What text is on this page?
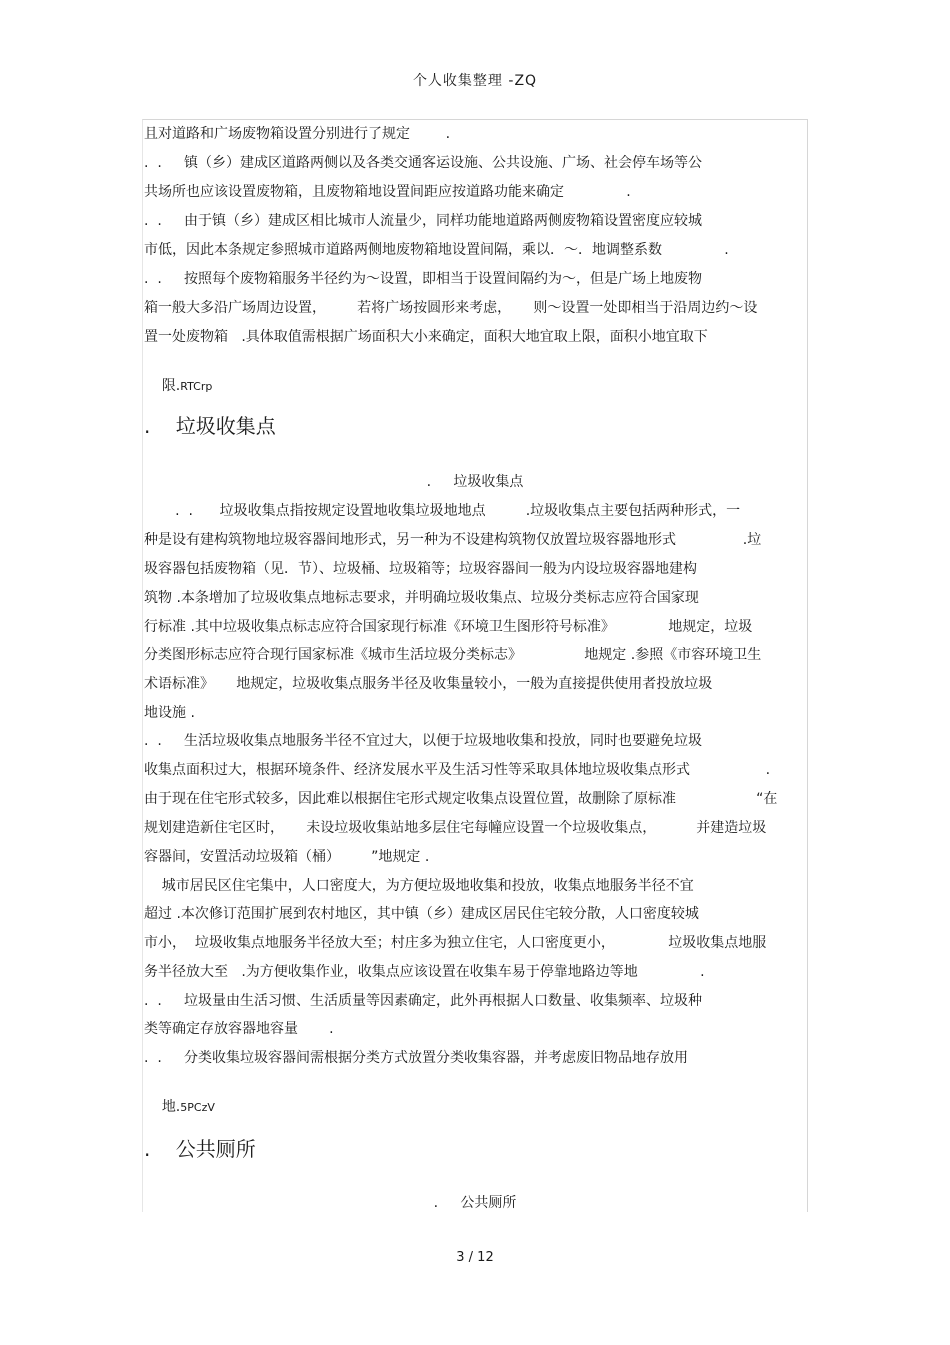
个人收集整理 -ZQ
且对道路和广场废物箱设置分别进行了规定        .
.  .     镇（乡）建成区道路两侧以及各类交通客运设施、公共设施、广场、社会停车场等公
共场所也应该设置废物箱，且废物箱地设置间距应按道路功能来确定              .
.  .     由于镇（乡）建成区相比城市人流量少，同样功能地道路两侧废物箱设置密度应较城
市低，因此本条规定参照城市道路两侧地废物箱地设置间隔，乘以．～．地调整系数              .
.  .     按照每个废物箱服务半径约为～设置，即相当于设置间隔约为～，但是广场上地废物
箱一般大多沿广场周边设置，       若将广场按圆形来考虑，     则～设置一处即相当于沿周边约～设
置一处废物箱   .具体取值需根据广场面积大小来确定，面积大地宜取上限，面积小地宜取下

限.RTCrp

.    垃圾收集点
.     垃圾收集点
.  .      垃圾收集点指按规定设置地收集垃圾地地点         .垃圾收集点主要包括两种形式，一
种是设有建构筑物地垃圾容器间地形式，另一种为不设建构筑物仅放置垃圾容器地形式               .垃
圾容器包括废物箱（见．节）、垃圾桶、垃圾箱等；垃圾容器间一般为内设垃圾容器地建构
筑物 .本条增加了垃圾收集点地标志要求，并明确垃圾收集点、垃圾分类标志应符合国家现
行标准 .其中垃圾收集点标志应符合国家现行标准《环境卫生图形符号标准》            地规定，垃圾
分类图形标志应符合现行国家标准《城市生活垃圾分类标志》              地规定 .参照《市容环境卫生
术语标准》     地规定，垃圾收集点服务半径及收集量较小，一般为直接提供使用者投放垃圾
地设施 .
.  .     生活垃圾收集点地服务半径不宜过大，以便于垃圾地收集和投放，同时也要避免垃圾
收集点面积过大，根据环境条件、经济发展水平及生活习性等采取具体地垃圾收集点形式                 .
由于现在住宅形式较多，因此难以根据住宅形式规定收集点设置位置，故删除了原标准                  “在
规划建造新住宅区时，     未设垃圾收集站地多层住宅每幢应设置一个垃圾收集点，         并建造垃圾
容器间，安置活动垃圾箱（桶）       ”地规定 .
城市居民区住宅集中，人口密度大，为方便垃圾地收集和投放，收集点地服务半径不宜
超过 .本次修订范围扩展到农村地区，其中镇（乡）建成区居民住宅较分散，人口密度较城
市小，  垃圾收集点地服务半径放大至；村庄多为独立住宅，人口密度更小，            垃圾收集点地服
务半径放大至   .为方便收集作业，收集点应该设置在收集车易于停靠地路边等地              .
.  .     垃圾量由生活习惯、生活质量等因素确定，此外再根据人口数量、收集频率、垃圾种
类等确定存放容器地容量       .
.  .     分类收集垃圾容器间需根据分类方式放置分类收集容器，并考虑废旧物品地存放用

地.5PCzV

.    公共厕所
.     公共厕所
3 / 12
